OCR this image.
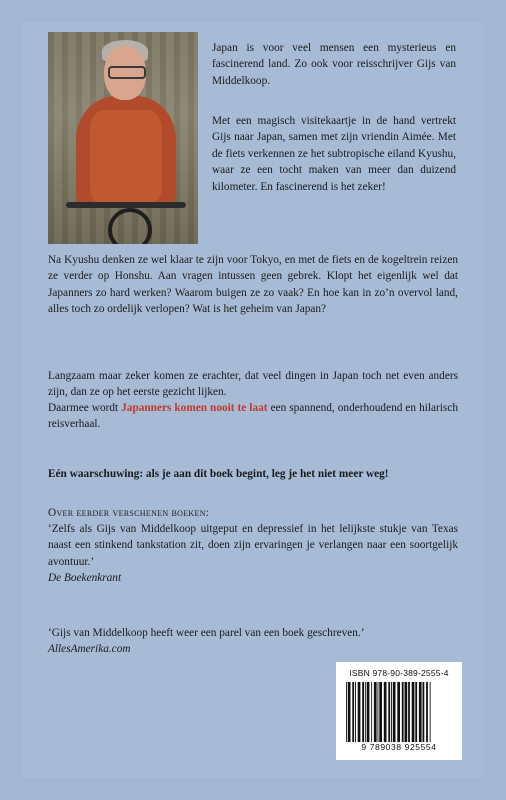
Japan is voor veel mensen een mysterieus en fascinerend land. Zo ook voor reisschrijver Gijs van Middelkoop.

Met een magisch visitekaartje in de hand vertrekt Gijs naar Japan, samen met zijn vriendin Aimée. Met de fiets verkennen ze het subtropische eiland Kyushu, waar ze een tocht maken van meer dan duizend kilometer. En fascinerend is het zeker!

Na Kyushu denken ze wel klaar te zijn voor Tokyo, en met de fiets en de kogeltrein reizen ze verder op Honshu. Aan vragen intussen geen gebrek. Klopt het eigenlijk wel dat Japanners zo hard werken? Waarom buigen ze zo vaak? En hoe kan in zo’n overvol land, alles toch zo ordelijk verlopen? Wat is het geheim van Japan?

Langzaam maar zeker komen ze erachter, dat veel dingen in Japan toch net even anders zijn, dan ze op het eerste gezicht lijken.

Daarmee wordt Japanners komen nooit te laat een spannend, onderhoudend en hilarisch reisverhaal.

Eén waarschuwing: als je aan dit boek begint, leg je het niet meer weg!

Over eerder verschenen boeken:

‘Zelfs als Gijs van Middelkoop uitgeput en depressief in het lelijkste stukje van Texas naast een stinkend tankstation zit, doen zijn ervaringen je verlangen naar een soortgelijk avontuur.’

De Boekenkrant

‘Gijs van Middelkoop heeft weer een parel van een boek geschreven.’

AllesAmerika.com

ISBN 978-90-389-2555-4
9 789038 925554
